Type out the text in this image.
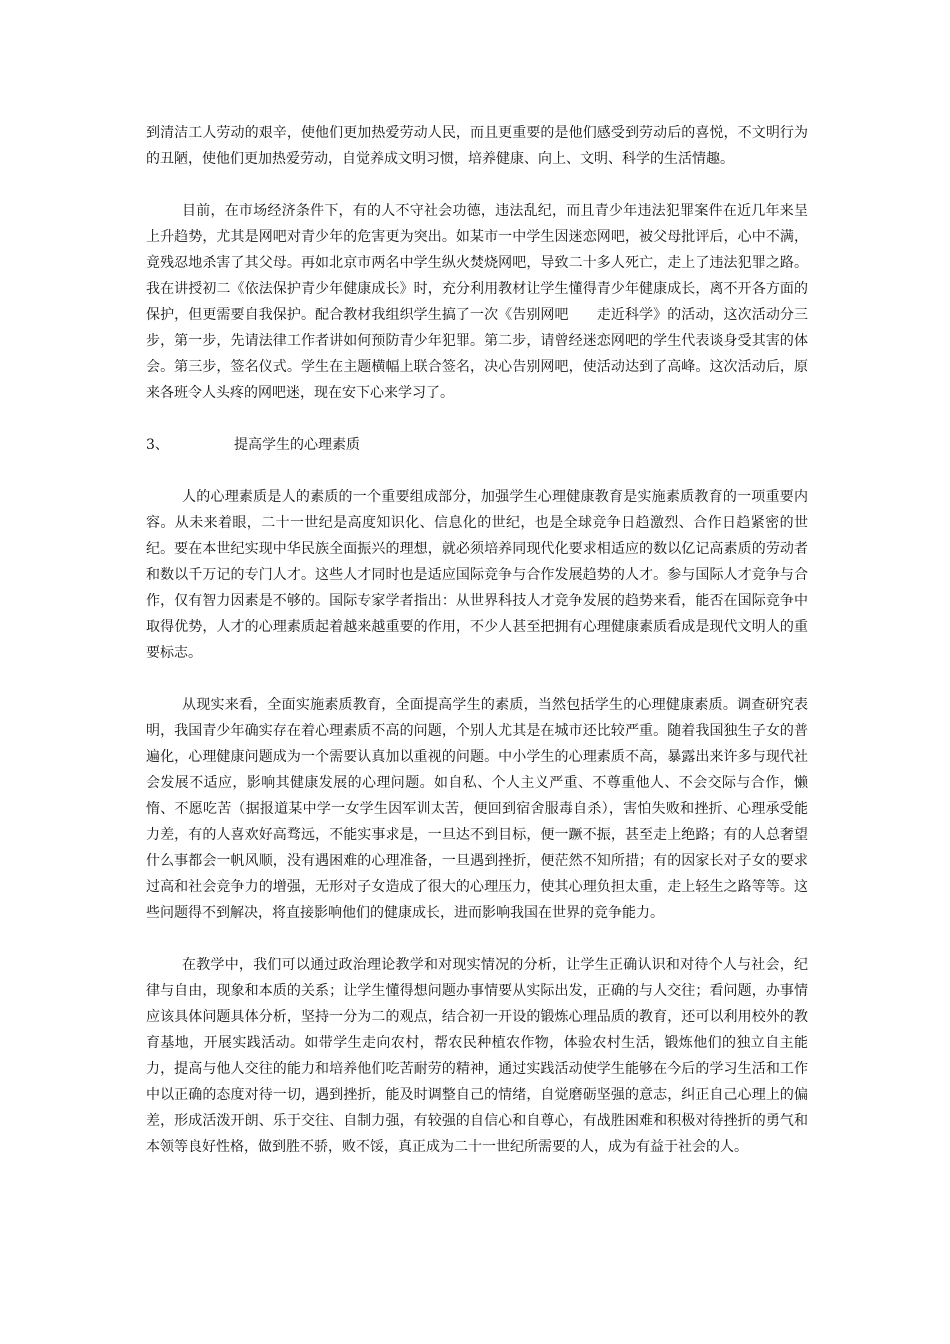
到清洁工人劳动的艰辛，使他们更加热爱劳动人民，而且更重要的是他们感受到劳动后的喜悦，不文明行为的丑陋，使他们更加热爱劳动，自觉养成文明习惯，培养健康、向上、文明、科学的生活情趣。

目前，在市场经济条件下，有的人不守社会功德，违法乱纪，而且青少年违法犯罪案件在近几年来呈上升趋势，尤其是网吧对青少年的危害更为突出。如某市一中学生因迷恋网吧，被父母批评后，心中不满，竟残忍地杀害了其父母。再如北京市两名中学生纵火焚烧网吧，导致二十多人死亡，走上了违法犯罪之路。我在讲授初二《依法保护青少年健康成长》时，充分利用教材让学生懂得青少年健康成长，离不开各方面的保护，但更需要自我保护。配合教材我组织学生搞了一次《告别网吧　　走近科学》的活动，这次活动分三步，第一步，先请法律工作者讲如何预防青少年犯罪。第二步，请曾经迷恋网吧的学生代表谈身受其害的体会。第三步，签名仪式。学生在主题横幅上联合签名，决心告别网吧，使活动达到了高峰。这次活动后，原来各班令人头疼的网吧迷，现在安下心来学习了。

3、	提高学生的心理素质

人的心理素质是人的素质的一个重要组成部分，加强学生心理健康教育是实施素质教育的一项重要内容。从未来着眼，二十一世纪是高度知识化、信息化的世纪，也是全球竞争日趋激烈、合作日趋紧密的世纪。要在本世纪实现中华民族全面振兴的理想，就必须培养同现代化要求相适应的数以亿记高素质的劳动者和数以千万记的专门人才。这些人才同时也是适应国际竞争与合作发展趋势的人才。参与国际人才竞争与合作，仅有智力因素是不够的。国际专家学者指出：从世界科技人才竞争发展的趋势来看，能否在国际竞争中取得优势，人才的心理素质起着越来越重要的作用，不少人甚至把拥有心理健康素质看成是现代文明人的重要标志。

从现实来看，全面实施素质教育，全面提高学生的素质，当然包括学生的心理健康素质。调查研究表明，我国青少年确实存在着心理素质不高的问题，个别人尤其是在城市还比较严重。随着我国独生子女的普遍化，心理健康问题成为一个需要认真加以重视的问题。中小学生的心理素质不高，暴露出来许多与现代社会发展不适应，影响其健康发展的心理问题。如自私、个人主义严重、不尊重他人、不会交际与合作，懒惰、不愿吃苦（据报道某中学一女学生因军训太苦，便回到宿舍服毒自杀），害怕失败和挫折、心理承受能力差，有的人喜欢好高骛远，不能实事求是，一旦达不到目标，便一蹶不振，甚至走上绝路；有的人总奢望什么事都会一帆风顺，没有遇困难的心理准备，一旦遇到挫折，便茫然不知所措；有的因家长对子女的要求过高和社会竞争力的增强，无形对子女造成了很大的心理压力，使其心理负担太重，走上轻生之路等等。这些问题得不到解决，将直接影响他们的健康成长，进而影响我国在世界的竞争能力。

在教学中，我们可以通过政治理论教学和对现实情况的分析，让学生正确认识和对待个人与社会，纪律与自由，现象和本质的关系；让学生懂得想问题办事情要从实际出发，正确的与人交往；看问题，办事情应该具体问题具体分析，坚持一分为二的观点，结合初一开设的锻炼心理品质的教育，还可以利用校外的教育基地，开展实践活动。如带学生走向农村，帮农民种植农作物，体验农村生活，锻炼他们的独立自主能力，提高与他人交往的能力和培养他们吃苦耐劳的精神，通过实践活动使学生能够在今后的学习生活和工作中以正确的态度对待一切，遇到挫折，能及时调整自己的情绪，自觉磨砺坚强的意志，纠正自己心理上的偏差，形成活泼开朗、乐于交往、自制力强，有较强的自信心和自尊心，有战胜困难和积极对待挫折的勇气和本领等良好性格，做到胜不骄，败不馁，真正成为二十一世纪所需要的人，成为有益于社会的人。
